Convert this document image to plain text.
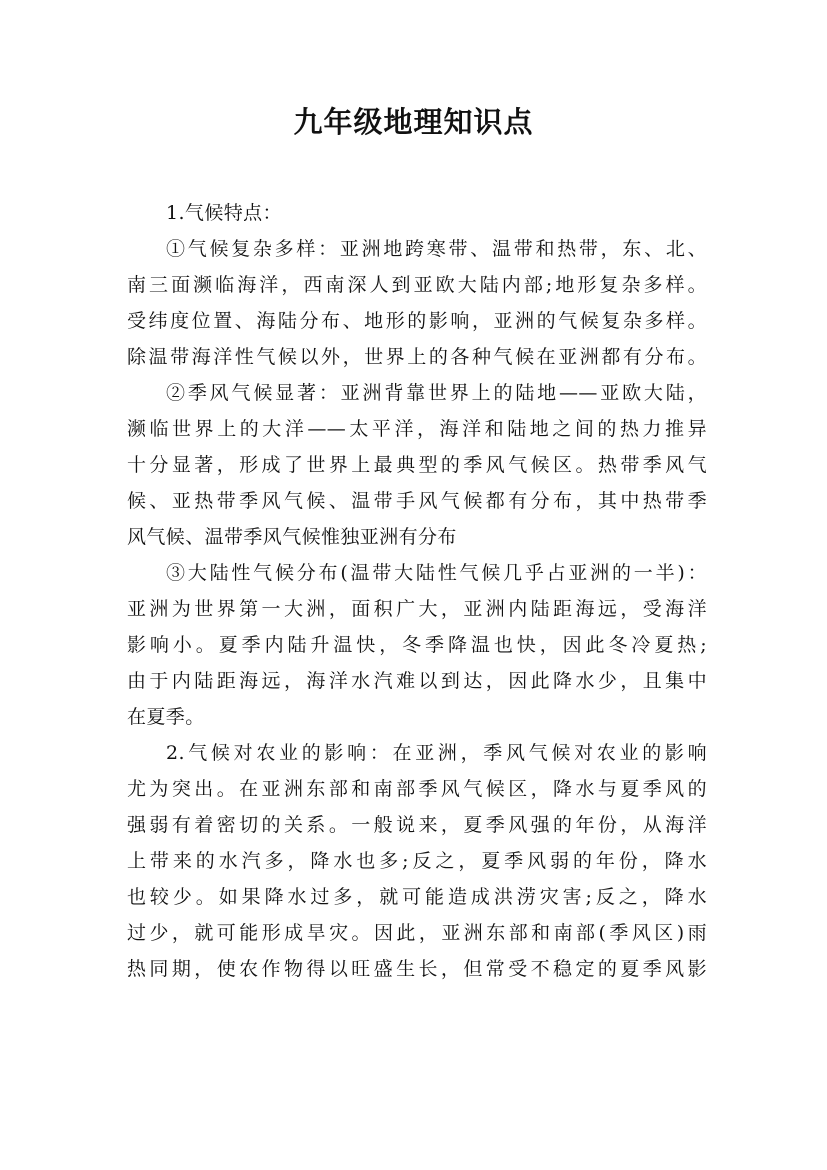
九年级地理知识点
1.气候特点：
①气候复杂多样：亚洲地跨寒带、温带和热带，东、北、
南三面濒临海洋，西南深人到亚欧大陆内部;地形复杂多样。
受纬度位置、海陆分布、地形的影响，亚洲的气候复杂多样。
除温带海洋性气候以外，世界上的各种气候在亚洲都有分布。
②季风气候显著：亚洲背靠世界上的陆地——亚欧大陆，
濒临世界上的大洋——太平洋，海洋和陆地之间的热力推异
十分显著，形成了世界上最典型的季风气候区。热带季风气
候、亚热带季风气候、温带手风气候都有分布，其中热带季
风气候、温带季风气候惟独亚洲有分布
③大陆性气候分布(温带大陆性气候几乎占亚洲的一半)：
亚洲为世界第一大洲，面积广大，亚洲内陆距海远，受海洋
影响小。夏季内陆升温快，冬季降温也快，因此冬冷夏热;
由于内陆距海远，海洋水汽难以到达，因此降水少，且集中
在夏季。
2.气候对农业的影响：在亚洲，季风气候对农业的影响
尤为突出。在亚洲东部和南部季风气候区，降水与夏季风的
强弱有着密切的关系。一般说来，夏季风强的年份，从海洋
上带来的水汽多，降水也多;反之，夏季风弱的年份，降水
也较少。如果降水过多，就可能造成洪涝灾害;反之，降水
过少，就可能形成旱灾。因此，亚洲东部和南部(季风区)雨
热同期，使农作物得以旺盛生长，但常受不稳定的夏季风影
